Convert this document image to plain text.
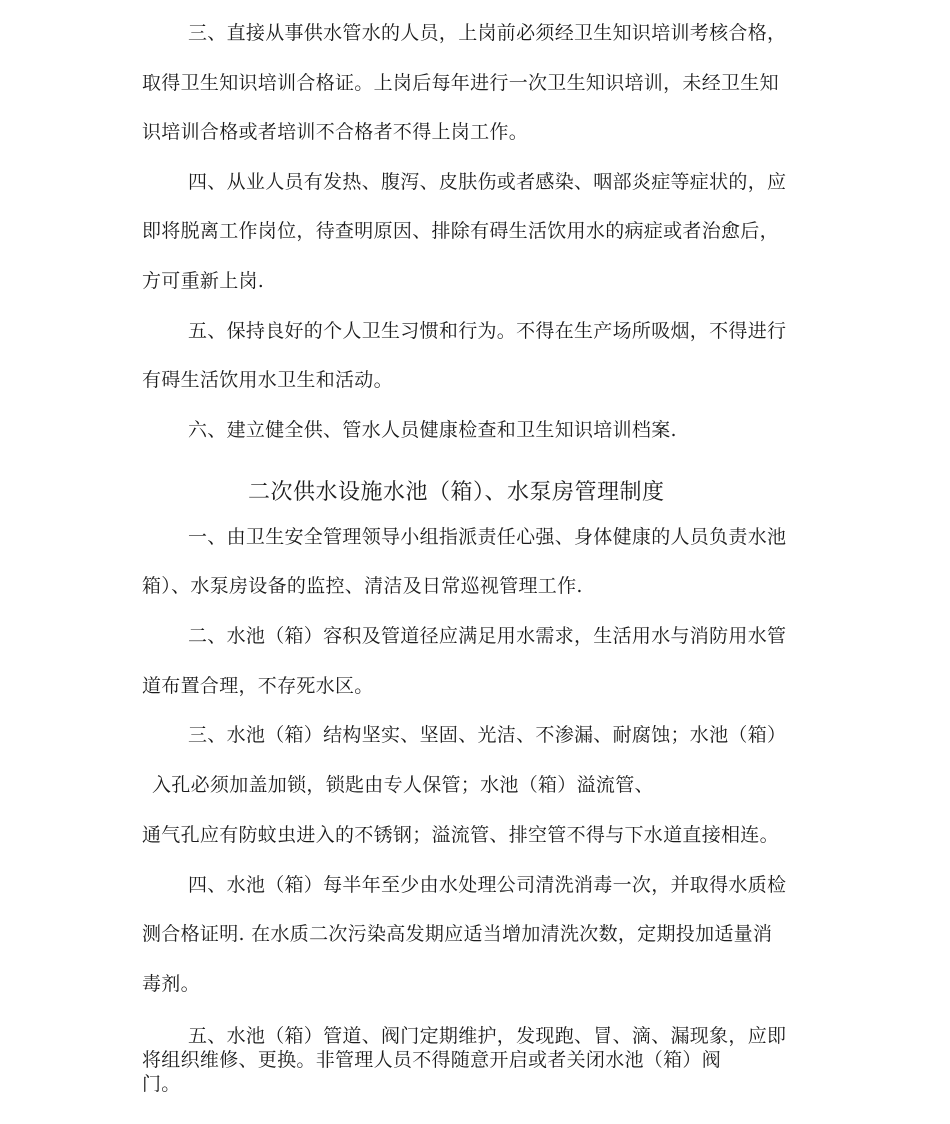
三、直接从事供水管水的人员，上岗前必须经卫生知识培训考核合格，
取得卫生知识培训合格证。上岗后每年进行一次卫生知识培训，未经卫生知
识培训合格或者培训不合格者不得上岗工作。
四、从业人员有发热、腹泻、皮肤伤或者感染、咽部炎症等症状的，应
即将脱离工作岗位，待查明原因、排除有碍生活饮用水的病症或者治愈后，
方可重新上岗.
五、保持良好的个人卫生习惯和行为。不得在生产场所吸烟，不得进行
有碍生活饮用水卫生和活动。
六、建立健全供、管水人员健康检查和卫生知识培训档案.
二次供水设施水池（箱）、水泵房管理制度
一、由卫生安全管理领导小组指派责任心强、身体健康的人员负责水池
箱）、水泵房设备的监控、清洁及日常巡视管理工作.
二、水池（箱）容积及管道径应满足用水需求，生活用水与消防用水管
道布置合理，不存死水区。
三、水池（箱）结构坚实、坚固、光洁、不渗漏、耐腐蚀；水池（箱）
入孔必须加盖加锁，锁匙由专人保管；水池（箱）溢流管、
通气孔应有防蚊虫进入的不锈钢；溢流管、排空管不得与下水道直接相连。
四、水池（箱）每半年至少由水处理公司清洗消毒一次，并取得水质检
测合格证明. 在水质二次污染高发期应适当增加清洗次数，定期投加适量消
毒剂。
五、水池（箱）管道、阀门定期维护，发现跑、冒、滴、漏现象，应即
将组织维修、更换。非管理人员不得随意开启或者关闭水池（箱）阀
门。
